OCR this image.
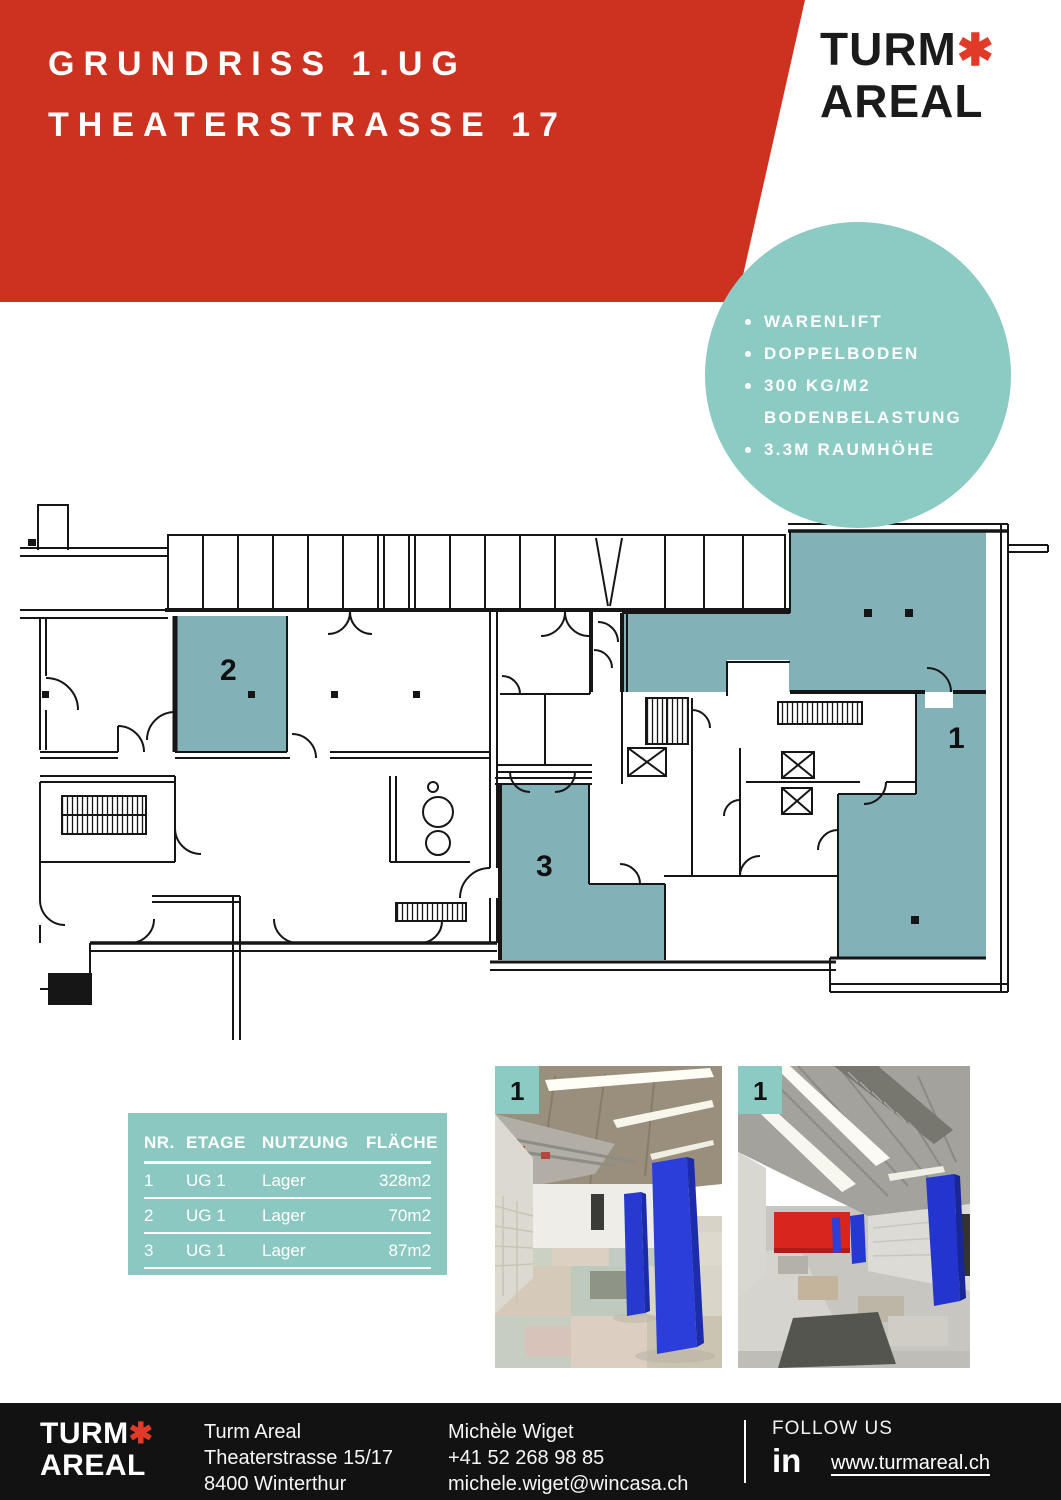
GRUNDRISS 1.UG
THEATERSTRASSE 17
TURM✱
AREAL
WARENLIFT
DOPPELBODEN
300 KG/M2
BODENBELASTUNG
3.3M RAUMHÖHE
1
2
3
NR. ETAGE NUTZUNG	FLÄCHE
1	UG 1	Lager	328m2
2	UG 1	Lager	70m2
3	UG 1	Lager	87m2
1	1
TURM✱
AREAL
Turm Areal
Theaterstrasse 15/17
8400 Winterthur
Michèle Wiget
+41 52 268 98 85
michele.wiget@wincasa.ch
FOLLOW US
in www.turmareal.ch
